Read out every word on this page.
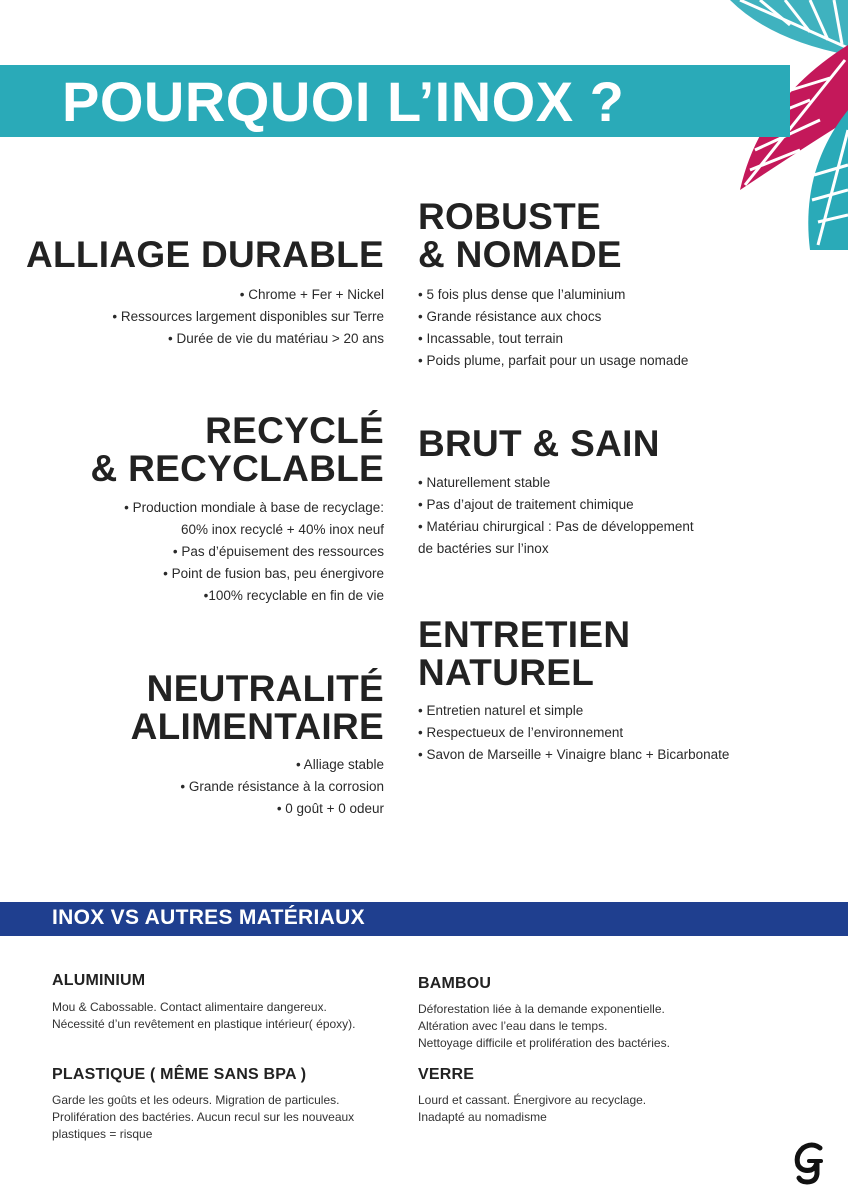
POURQUOI L’INOX ?
ALLIAGE DURABLE
• Chrome + Fer + Nickel
• Ressources largement disponibles sur Terre
• Durée de vie du matériau > 20 ans
ROBUSTE
& NOMADE
• 5 fois plus dense que l’aluminium
• Grande résistance aux chocs
• Incassable, tout terrain
• Poids plume, parfait pour un usage nomade
RECYCLÉ
& RECYCLABLE
• Production mondiale à base de recyclage:
60% inox recyclé + 40% inox neuf
• Pas d’épuisement des ressources
• Point de fusion bas, peu énergivore
•100% recyclable en fin de vie
BRUT & SAIN
• Naturellement stable
• Pas d’ajout de traitement chimique
• Matériau chirurgical : Pas de développement
de bactéries sur l’inox
ENTRETIEN
NATUREL
• Entretien naturel et simple
• Respectueux de l’environnement
• Savon de Marseille + Vinaigre blanc + Bicarbonate
NEUTRALITÉ
ALIMENTAIRE
• Alliage stable
• Grande résistance à la corrosion
• 0 goût + 0 odeur
INOX VS AUTRES MATÉRIAUX
ALUMINIUM
Mou & Cabossable. Contact alimentaire dangereux.
Nécessité d’un revêtement en plastique intérieur( époxy).
BAMBOU
Déforestation liée à la demande exponentielle.
Altération avec l’eau dans le temps.
Nettoyage difficile et prolifération des bactéries.
PLASTIQUE ( MÊME SANS BPA )
Garde les goûts et les odeurs. Migration de particules.
Prolifération des bactéries. Aucun recul sur les nouveaux
plastiques = risque
VERRE
Lourd et cassant. Énergivore au recyclage.
Inadapté au nomadisme
